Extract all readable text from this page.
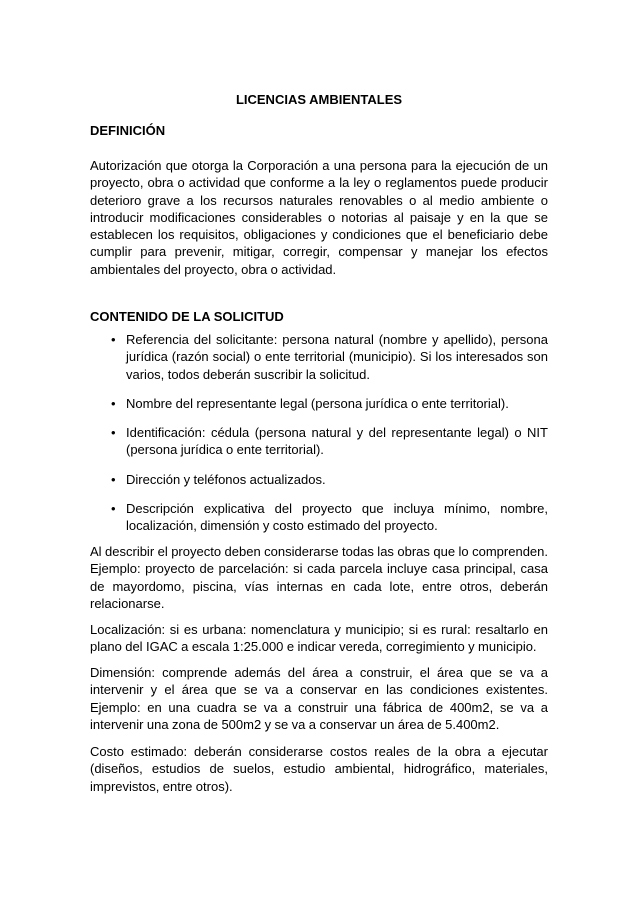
LICENCIAS AMBIENTALES
DEFINICIÓN
Autorización que otorga la Corporación a una persona para la ejecución de un proyecto, obra o actividad que conforme a la ley o reglamentos puede producir deterioro grave a los recursos naturales renovables o al medio ambiente o introducir modificaciones considerables o notorias al paisaje y en la que se establecen los requisitos, obligaciones y condiciones que el beneficiario debe cumplir para prevenir, mitigar, corregir, compensar y manejar los efectos ambientales del proyecto, obra o actividad.
CONTENIDO DE LA SOLICITUD
• Referencia del solicitante: persona natural (nombre y apellido), persona jurídica (razón social) o ente territorial (municipio). Si los interesados son varios, todos deberán suscribir la solicitud.
• Nombre del representante legal (persona jurídica o ente territorial).
• Identificación: cédula (persona natural y del representante legal) o NIT (persona jurídica o ente territorial).
• Dirección y teléfonos actualizados.
• Descripción explicativa del proyecto que incluya mínimo, nombre, localización, dimensión y costo estimado del proyecto.
Al describir el proyecto deben considerarse todas las obras que lo comprenden. Ejemplo: proyecto de parcelación: si cada parcela incluye casa principal, casa de mayordomo, piscina, vías internas en cada lote, entre otros, deberán relacionarse.
Localización: si es urbana: nomenclatura y municipio; si es rural: resaltarlo en plano del IGAC a escala 1:25.000 e indicar vereda, corregimiento y municipio.
Dimensión: comprende además del área a construir, el área que se va a intervenir y el área que se va a conservar en las condiciones existentes. Ejemplo: en una cuadra se va a construir una fábrica de 400m2, se va a intervenir una zona de 500m2 y se va a conservar un área de 5.400m2.
Costo estimado: deberán considerarse costos reales de la obra a ejecutar (diseños, estudios de suelos, estudio ambiental, hidrográfico, materiales, imprevistos, entre otros).
